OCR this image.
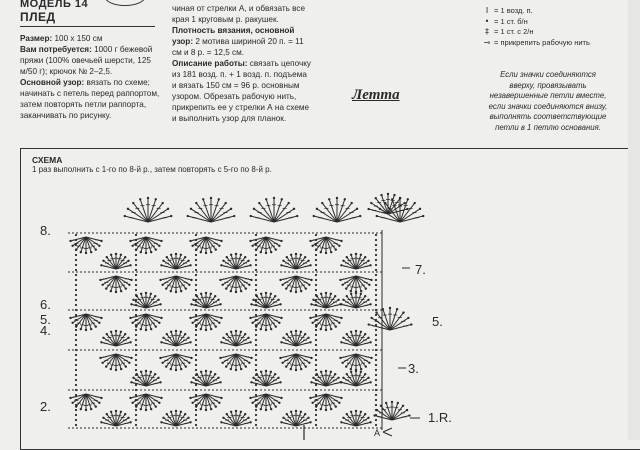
МОДЕЛЬ 14
ПЛЕД

Размер: 100 х 150 см

Вам потребуется: 1000 г бежевой пряжи (100% овечьей шерсти, 125 м/50 г); крючок № 2–2,5.

Основной узор: вязать по схеме; начинать с петель перед раппортом, затем повторять петли раппорта, заканчивать по рисунку.

чиная от стрелки А, и обвязать все края 1 круговым р. ракушек.

Плотность вязания, основной узор: 2 мотива шириной 20 п. = 11 см и 8 р. = 12,5 см.

Описание работы: связать цепочку из 181 возд. п. + 1 возд. п. подъема и вязать 150 см = 96 р. основным узором. Обрезать рабочую нить, прикрепить ее у стрелки А на схеме и выполнить узор для планок.

І = 1 возд. п.
• = 1 ст. б/н
‡ = 1 ст. с 2/н
⊸ = прикрепить рабочую нить
Если значки соединяются вверху, провязывать незавершенные петли вместе, если значки соединяются внизу, выполнять соответствующие петли в 1 петлю основания.
Летта
СХЕМА
1 раз выполнить с 1-го по 8-й р., затем повторять с 5-го по 8-й р.
8.
6.
5.
4.
2.
7.
5.
3.
1.R.
A
